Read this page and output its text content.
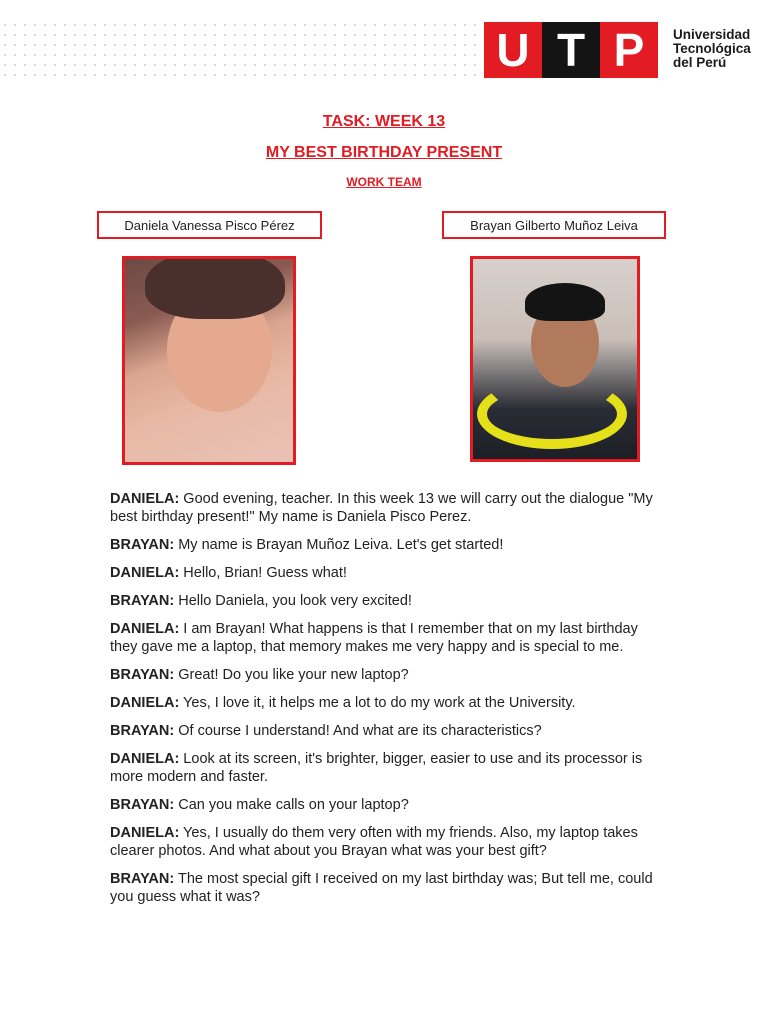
U T P	Universidad
Tecnológica
del Perú
TASK: WEEK 13
MY BEST BIRTHDAY PRESENT
WORK TEAM
Daniela Vanessa Pisco Pérez	Brayan Gilberto Muñoz Leiva

DANIELA: Good evening, teacher. In this week 13 we will carry out the dialogue "My best birthday present!" My name is Daniela Pisco Perez.

BRAYAN: My name is Brayan Muñoz Leiva. Let's get started!

DANIELA: Hello, Brian! Guess what!

BRAYAN: Hello Daniela, you look very excited!

DANIELA: I am Brayan! What happens is that I remember that on my last birthday they gave me a laptop, that memory makes me very happy and is special to me.

BRAYAN: Great! Do you like your new laptop?

DANIELA: Yes, I love it, it helps me a lot to do my work at the University.

BRAYAN: Of course I understand! And what are its characteristics?

DANIELA: Look at its screen, it's brighter, bigger, easier to use and its processor is more modern and faster.

BRAYAN: Can you make calls on your laptop?

DANIELA: Yes, I usually do them very often with my friends. Also, my laptop takes clearer photos. And what about you Brayan what was your best gift?

BRAYAN: The most special gift I received on my last birthday was; But tell me, could you guess what it was?
